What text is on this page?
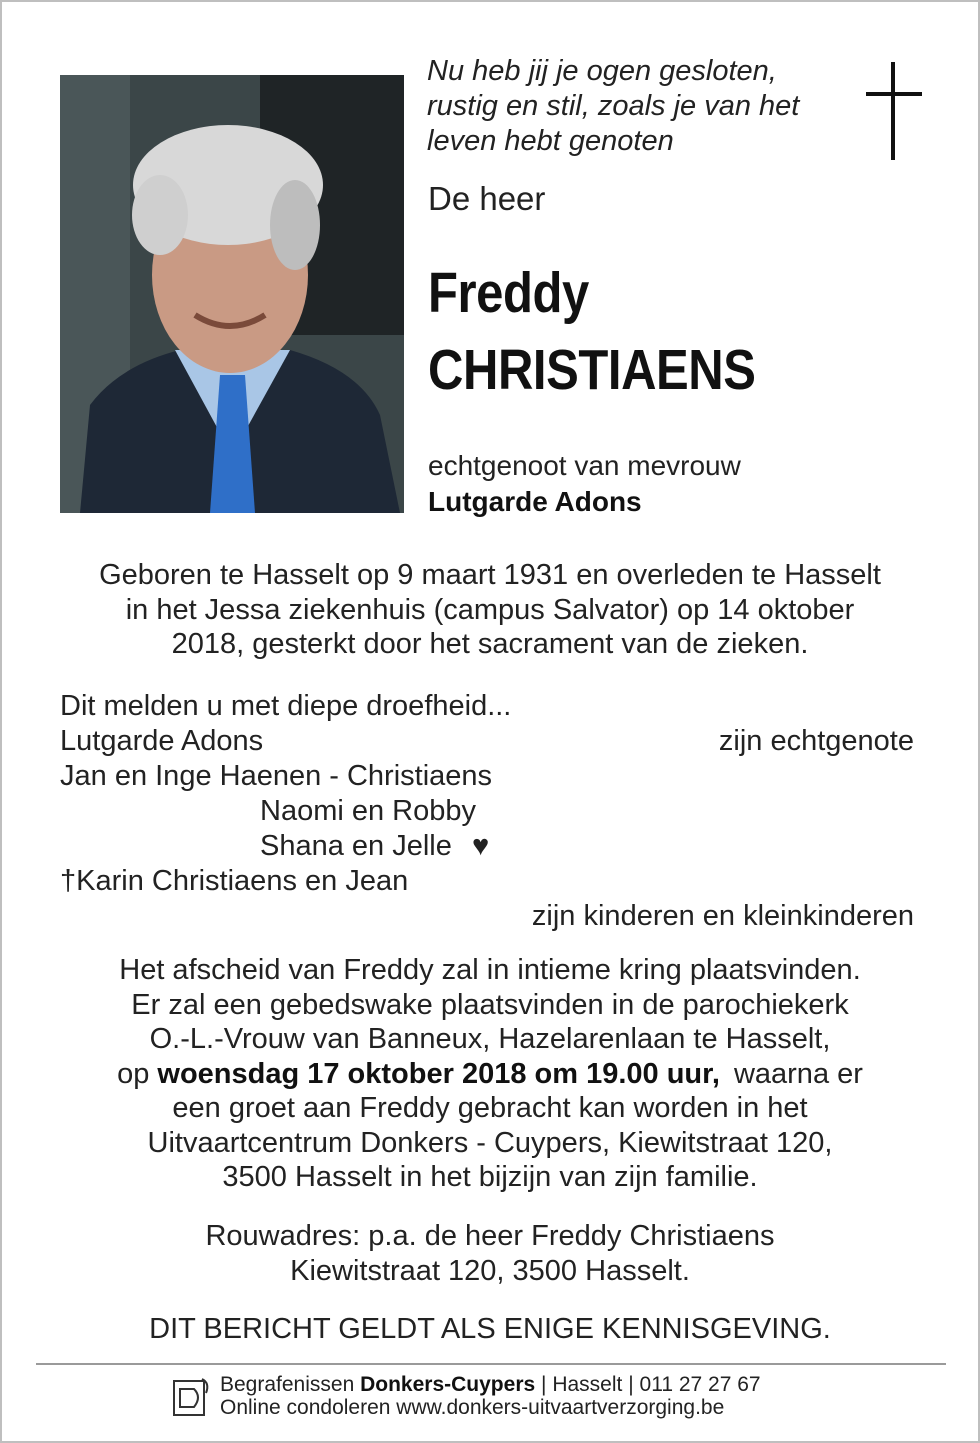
Nu heb jij je ogen gesloten,
rustig en stil, zoals je van het
leven hebt genoten
De heer
Freddy
CHRISTIAENS
echtgenoot van mevrouw
Lutgarde Adons
Geboren te Hasselt op 9 maart 1931 en overleden te Hasselt
in het Jessa ziekenhuis (campus Salvator) op 14 oktober
2018, gesterkt door het sacrament van de zieken.
Dit melden u met diepe droefheid...
Lutgarde Adons	zijn echtgenote
Jan en Inge Haenen - Christiaens
Naomi en Robby
Shana en Jelle ♥
†Karin Christiaens en Jean
zijn kinderen en kleinkinderen
Het afscheid van Freddy zal in intieme kring plaatsvinden.
Er zal een gebedswake plaatsvinden in de parochiekerk
O.-L.-Vrouw van Banneux, Hazelarenlaan te Hasselt,
op woensdag 17 oktober 2018 om 19.00 uur, waarna er
een groet aan Freddy gebracht kan worden in het
Uitvaartcentrum Donkers - Cuypers, Kiewitstraat 120,
3500 Hasselt in het bijzijn van zijn familie.
Rouwadres: p.a. de heer Freddy Christiaens
Kiewitstraat 120, 3500 Hasselt.
DIT BERICHT GELDT ALS ENIGE KENNISGEVING.
Begrafenissen Donkers-Cuypers | Hasselt | 011 27 27 67
Online condoleren www.donkers-uitvaartverzorging.be
